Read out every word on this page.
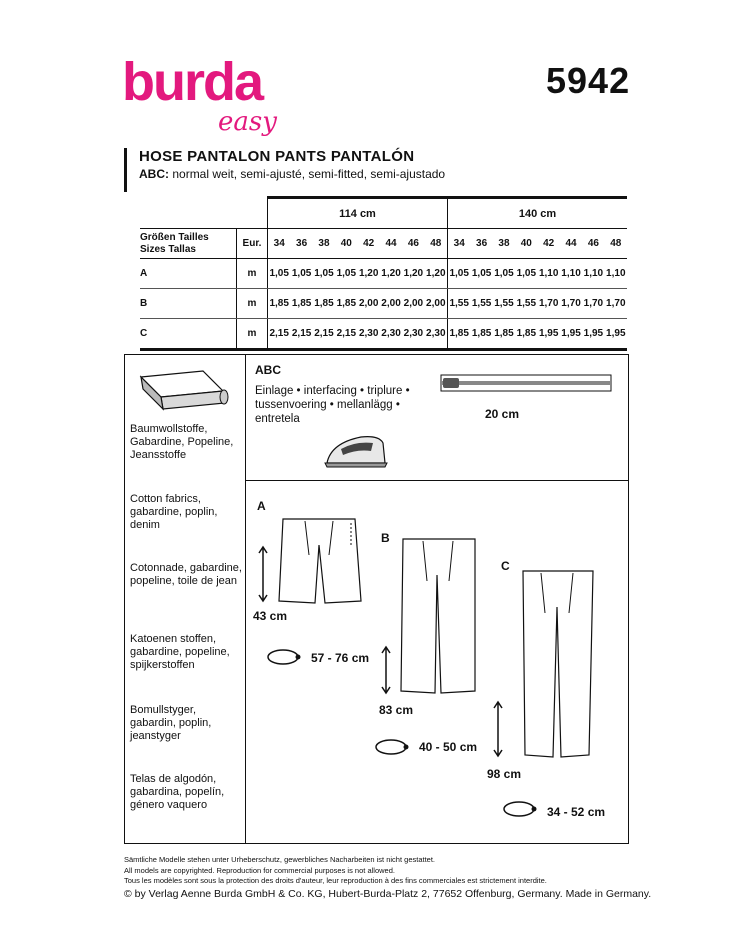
burda
easy
5942
HOSE PANTALON PANTS PANTALÓN
ABC: normal weit, semi-ajusté, semi-fitted, semi-ajustado
		114 cm								140 cm							

Größen Tailles
Sizes Tallas	Eur.	34	36	38	40	42	44	46	48	34	36	38	40	42	44	46	48
A	m	1,05	1,05	1,05	1,05	1,20	1,20	1,20	1,20	1,05	1,05	1,05	1,05	1,10	1,10	1,10	1,10
B	m	1,85	1,85	1,85	1,85	2,00	2,00	2,00	2,00	1,55	1,55	1,55	1,55	1,70	1,70	1,70	1,70
C	m	2,15	2,15	2,15	2,15	2,30	2,30	2,30	2,30	1,85	1,85	1,85	1,85	1,95	1,95	1,95	1,95
Baumwollstoffe, Gabardine, Popeline, Jeansstoffe
Cotton fabrics, gabardine, poplin, denim
Cotonnade, gabardine, popeline, toile de jean
Katoenen stoffen, gabardine, popeline, spijkerstoffen
Bomullstyger, gabardin, poplin, jeanstyger
Telas de algodón, gabardina, popelín, género vaquero
ABC
Einlage • interfacing • triplure •
tussenvoering • mellanlägg •
entretela	20 cm
A
43 cm
57 - 76 cm
B
83 cm
40 - 50 cm
C
98 cm
34 - 52 cm
Sämtliche Modelle stehen unter Urheberschutz, gewerbliches Nacharbeiten ist nicht gestattet.
All models are copyrighted. Reproduction for commercial purposes is not allowed.
Tous les modèles sont sous la protection des droits d'auteur, leur reproduction à des fins commerciales est strictement interdite.
© by Verlag Aenne Burda GmbH & Co. KG, Hubert-Burda-Platz 2, 77652 Offenburg, Germany. Made in Germany.
